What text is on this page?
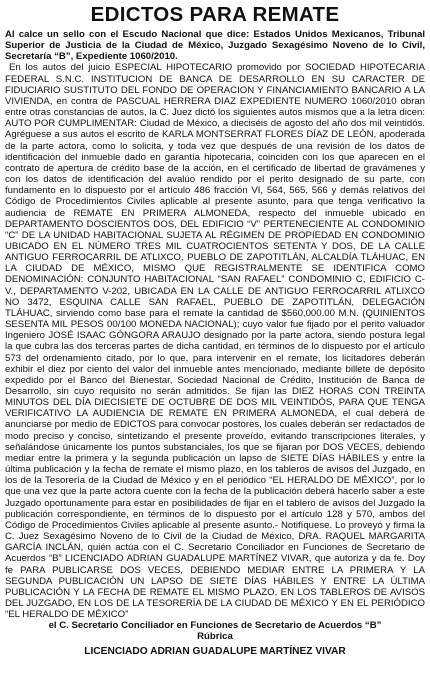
EDICTOS PARA REMATE

Al calce un sello con el Escudo Nacional que dice: Estados Unidos Mexicanos, Tribunal Superior de Justicia de la Ciudad de México, Juzgado Sexagésimo Noveno de lo Civil, Secretaría “B”, Expediente 1060/2010.

En los autos del juicio ESPECIAL HIPOTECARIO promovido por SOCIEDAD HIPOTECARIA FEDERAL S.N.C. INSTITUCION DE BANCA DE DESARROLLO EN SU CARACTER DE FIDUCIARIO SUSTITUTO DEL FONDO DE OPERACION Y FINANCIAMIENTO BANCARIO A LA VIVIENDA, en contra de PASCUAL HERRERA DIAZ EXPEDIENTE NUMERO 1060/2010 obran entre otras constancias de autos, la C. Juez dictó los siguientes autos mismos que a la letra dicen: AUTO POR CUMPLIMENTAR: Ciudad de México, a dieciséis de agosto del año dos mil veintidós. Agréguese a sus autos el escrito de KARLA MONTSERRAT FLORES DÍAZ DE LEÓN, apoderada de la parte actora, como lo solicita, y toda vez que después de una revisión de los datos de identificación del inmueble dado en garantía hipotecaria, coinciden con los que aparecen en el contrato de apertura de crédito base de la acción, en el certificado de libertad de gravámenes y con los datos de identificación del avalúo rendido por el perito designado de su parte, con fundamento en lo dispuesto por el artículo 486 fracción VI, 564, 565, 566 y demás relativos del Código de Procedimientos Civiles aplicable al presente asunto, para que tenga verificativo la audiencia de REMATE EN PRIMERA ALMONEDA, respecto del inmueble ubicado en DEPARTAMENTO DOSCIENTOS DOS, DEL EDIFICIO “V” PERTENECIENTE AL CONDOMINIO “C” DE LA UNIDAD HABITACIONAL SUJETA AL RÉGIMEN DE PROPIEDAD EN CONDOMINIO UBICADO EN EL NÚMERO TRES MIL CUATROCIENTOS SETENTA Y DOS, DE LA CALLE ANTIGUO FERROCARRIL DE ATLIXCO, PUEBLO DE ZAPOTITLÁN, ALCALDÍA TLÁHUAC, EN LA CIUDAD DE MÉXICO, MISMO QUE REGISTRALMENTE SE IDENTIFICA COMO DENOMINACIÓN: CONJUNTO HABITACIONAL “SAN RAFAEL” CONDOMINIO C, EDIFICIO C-V., DEPARTAMENTO V-202, UBICADA EN LA CALLE DE ANTIGUO FERROCARRIL ATLIXCO NO 3472, ESQUINA CALLE SAN RAFAEL, PUEBLO DE ZAPOTITLÁN, DELEGACIÓN TLÁHUAC, sirviendo como base para el remate la cantidad de $560,000.00 M.N. (QUINIENTOS SESENTA MIL PESOS 00/100 MONEDA NACIONAL); cuyo valor fue fijado por el perito valuador Ingeniero JOSÉ ISAAC GÓNGORA ARAUJO designado por la parte actora, siendo postura legal la que cubra las dos terceras partes de dicha cantidad, en términos de lo dispuesto por el artículo 573 del ordenamiento citado, por lo que, para intervenir en el remate, los licitadores deberán exhibir el diez por ciento del valor del inmueble antes mencionado, mediante billete de depósito expedido por el Banco del Bienestar, Sociedad Nacional de Crédito, Institución de Banca de Desarrollo, sin cuyo requisito no serán admitidos. Se fijan las DIEZ HORAS CON TREINTA MINUTOS DEL DÍA DIECISIETE DE OCTUBRE DE DOS MIL VEINTIDÓS, PARA QUE TENGA VERIFICATIVO LA AUDIENCIA DE REMATE EN PRIMERA ALMONEDA, el cual deberá de anunciarse por medio de EDICTOS para convocar postores, los cuales deberán ser redactados de modo preciso y conciso, sintetizando el presente proveído, evitando transcripciones literales, y señalándose únicamente los puntos substanciales, los que se fijaran por DOS VECES, debiendo mediar entre la primera y la segunda publicación un lapso de SIETE DÍAS HÁBILES y entre la última publicación y la fecha de remate el mismo plazo, en los tableros de avisos del Juzgado, en los de la Tesorería de la Ciudad de México y en el periódico “EL HERALDO DE MÉXICO”, por lo que una vez que la parte actora cuente con la fecha de la publicación deberá hacerlo saber a este Juzgado oportunamente para estar en posibilidades de fijar en el tablero de avisos del Juzgado la publicación correspondiente, en términos de lo dispuesto por el artículo 128 y 570, ambos del Código de Procedimientos Civiles aplicable al presente asunto.- Notifíquese. Lo proveyó y firma la C. Juez Sexagésimo Noveno de lo Civil de la Ciudad de México, DRA. RAQUEL MARGARITA GARCÍA INCLÁN, quién actúa con el C. Secretario Conciliador en Funciones de Secretario de Acuerdos “B” LICENCIADO ADRIAN GUADALUPE MARTÍNEZ VIVAR, que autoriza y da fe. Doy fe PARA PUBLICARSE DOS VECES, DEBIENDO MEDIAR ENTRE LA PRIMERA Y LA SEGUNDA PUBLICACIÓN UN LAPSO DE SIETE DÍAS HÁBILES Y ENTRE LA ÚLTIMA PUBLICACIÓN Y LA FECHA DE REMATE EL MISMO PLAZO, EN LOS TABLEROS DE AVISOS DEL JUZGADO, EN LOS DE LA TESORERÍA DE LA CIUDAD DE MÉXICO Y EN EL PERIÓDICO “EL HERALDO DE MÉXICO”

el C. Secretario Conciliador en Funciones de Secretario de Acuerdos “B”

Rúbrica

LICENCIADO ADRIAN GUADALUPE MARTÍNEZ VIVAR
